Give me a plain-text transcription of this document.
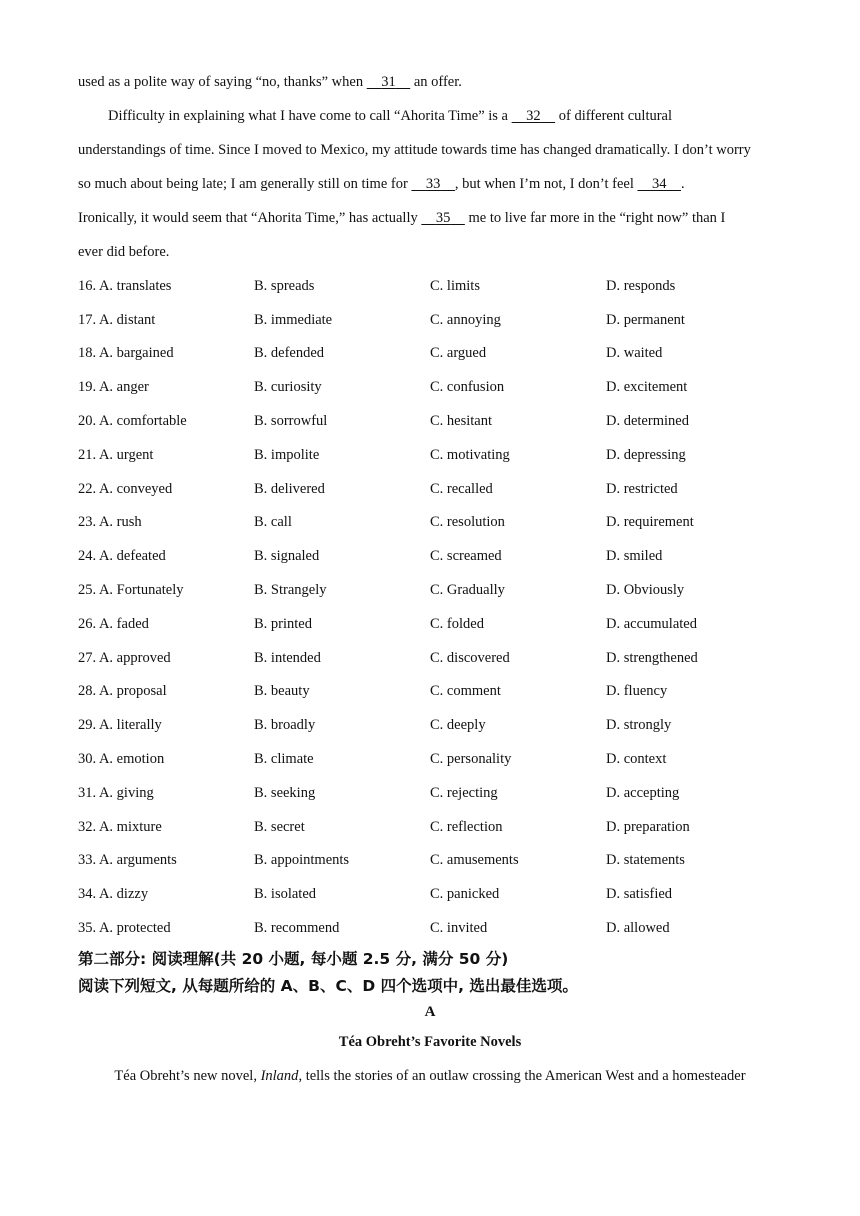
used as a polite way of saying “no, thanks” when     31     an offer.
Difficulty in explaining what I have come to call “Ahorita Time” is a     32     of different cultural
understandings of time. Since I moved to Mexico, my attitude towards time has changed dramatically. I don’t worry
so much about being late; I am generally still on time for     33 , but when I’m not, I don’t feel     34 .
Ironically, it would seem that “Ahorita Time,” has actually     35     me to live far more in the “right now” than I
ever did before.
16. A. translates	B. spreads	C. limits	D. responds
17. A. distant	B. immediate	C. annoying	D. permanent
18. A. bargained	B. defended	C. argued	D. waited
19. A. anger	B. curiosity	C. confusion	D. excitement
20. A. comfortable	B. sorrowful	C. hesitant	D. determined
21. A. urgent	B. impolite	C. motivating	D. depressing
22. A. conveyed	B. delivered	C. recalled	D. restricted
23. A. rush	B. call	C. resolution	D. requirement
24. A. defeated	B. signaled	C. screamed	D. smiled
25. A. Fortunately	B. Strangely	C. Gradually	D. Obviously
26. A. faded	B. printed	C. folded	D. accumulated
27. A. approved	B. intended	C. discovered	D. strengthened
28. A. proposal	B. beauty	C. comment	D. fluency
29. A. literally	B. broadly	C. deeply	D. strongly
30. A. emotion	B. climate	C. personality	D. context
31. A. giving	B. seeking	C. rejecting	D. accepting
32. A. mixture	B. secret	C. reflection	D. preparation
33. A. arguments	B. appointments	C. amusements	D. statements
34. A. dizzy	B. isolated	C. panicked	D. satisfied
35. A. protected	B. recommend	C. invited	D. allowed
第二部分: 阅读理解(共 20 小题, 每小题 2.5 分, 满分 50 分)
阅读下列短文, 从每题所给的 A、B、C、D 四个选项中, 选出最佳选项。
A
Téa Obreht’s Favorite Novels
Téa Obreht’s new novel, Inland, tells the stories of an outlaw crossing the American West and a homesteader
